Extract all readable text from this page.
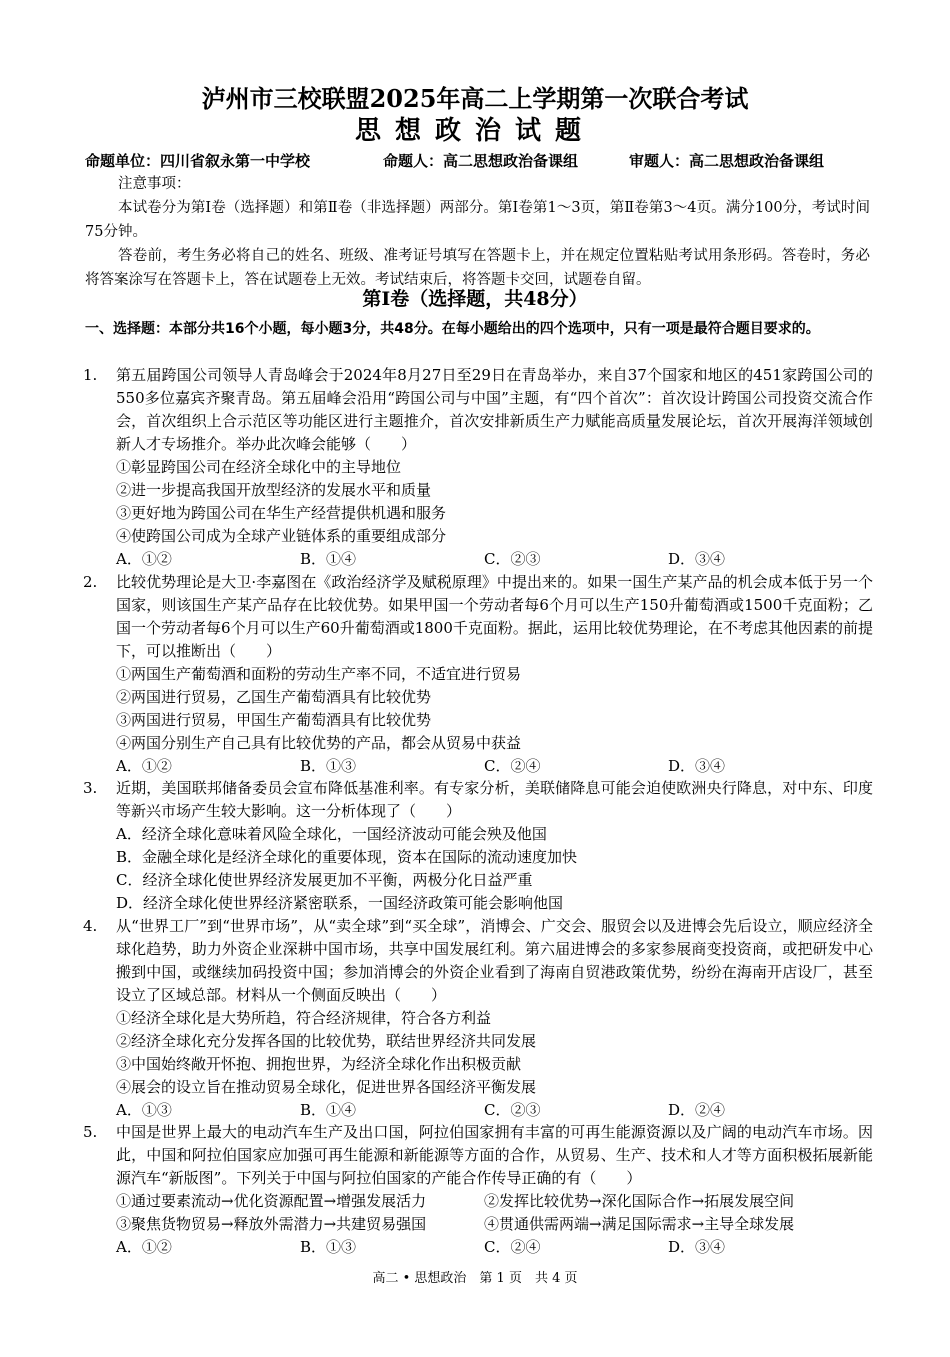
泸州市三校联盟2025年高二上学期第一次联合考试
思想政治试题
命题单位：四川省叙永第一中学校	命题人：高二思想政治备课组	审题人：高二思想政治备课组
注意事项：
本试卷分为第Ⅰ卷（选择题）和第Ⅱ卷（非选择题）两部分。第Ⅰ卷第1～3页，第Ⅱ卷第3～4页。满分100分，考试时间75分钟。
答卷前，考生务必将自己的姓名、班级、准考证号填写在答题卡上，并在规定位置粘贴考试用条形码。答卷时，务必将答案涂写在答题卡上，答在试题卷上无效。考试结束后，将答题卡交回，试题卷自留。
第Ⅰ卷（选择题，共48分）
一、选择题：本部分共16个小题，每小题3分，共48分。在每小题给出的四个选项中，只有一项是最符合题目要求的。
1. 第五届跨国公司领导人青岛峰会于2024年8月27日至29日在青岛举办，来自37个国家和地区的451家跨国公司的550多位嘉宾齐聚青岛。第五届峰会沿用“跨国公司与中国”主题，有“四个首次”：首次设计跨国公司投资交流合作会，首次组织上合示范区等功能区进行主题推介，首次安排新质生产力赋能高质量发展论坛，首次开展海洋领域创新人才专场推介。举办此次峰会能够（　　）
①彰显跨国公司在经济全球化中的主导地位
②进一步提高我国开放型经济的发展水平和质量
③更好地为跨国公司在华生产经营提供机遇和服务
④使跨国公司成为全球产业链体系的重要组成部分
A．①②	B．①④	C．②③	D．③④
2. 比较优势理论是大卫·李嘉图在《政治经济学及赋税原理》中提出来的。如果一国生产某产品的机会成本低于另一个国家，则该国生产某产品存在比较优势。如果甲国一个劳动者每6个月可以生产150升葡萄酒或1500千克面粉；乙国一个劳动者每6个月可以生产60升葡萄酒或1800千克面粉。据此，运用比较优势理论，在不考虑其他因素的前提下，可以推断出（　　）
①两国生产葡萄酒和面粉的劳动生产率不同，不适宜进行贸易
②两国进行贸易，乙国生产葡萄酒具有比较优势
③两国进行贸易，甲国生产葡萄酒具有比较优势
④两国分别生产自己具有比较优势的产品，都会从贸易中获益
A．①②	B．①③	C．②④	D．③④
3. 近期，美国联邦储备委员会宣布降低基准利率。有专家分析，美联储降息可能会迫使欧洲央行降息，对中东、印度等新兴市场产生较大影响。这一分析体现了（　　）
A．经济全球化意味着风险全球化，一国经济波动可能会殃及他国
B．金融全球化是经济全球化的重要体现，资本在国际的流动速度加快
C．经济全球化使世界经济发展更加不平衡，两极分化日益严重
D．经济全球化使世界经济紧密联系，一国经济政策可能会影响他国
4. 从“世界工厂”到“世界市场”，从“卖全球”到“买全球”，消博会、广交会、服贸会以及进博会先后设立，顺应经济全球化趋势，助力外资企业深耕中国市场，共享中国发展红利。第六届进博会的多家参展商变投资商，或把研发中心搬到中国，或继续加码投资中国；参加消博会的外资企业看到了海南自贸港政策优势，纷纷在海南开店设厂，甚至设立了区域总部。材料从一个侧面反映出（　　）
①经济全球化是大势所趋，符合经济规律，符合各方利益
②经济全球化充分发挥各国的比较优势，联结世界经济共同发展
③中国始终敞开怀抱、拥抱世界，为经济全球化作出积极贡献
④展会的设立旨在推动贸易全球化，促进世界各国经济平衡发展
A．①③	B．①④	C．②③	D．②④
5. 中国是世界上最大的电动汽车生产及出口国，阿拉伯国家拥有丰富的可再生能源资源以及广阔的电动汽车市场。因此，中国和阿拉伯国家应加强可再生能源和新能源等方面的合作，从贸易、生产、技术和人才等方面积极拓展新能源汽车“新版图”。下列关于中国与阿拉伯国家的产能合作传导正确的有（　　）
①通过要素流动→优化资源配置→增强发展活力	②发挥比较优势→深化国际合作→拓展发展空间
③聚焦货物贸易→释放外需潜力→共建贸易强国	④贯通供需两端→满足国际需求→主导全球发展
A．①②	B．①③	C．②④	D．③④
高二 • 思想政治　第 1 页　共 4 页
